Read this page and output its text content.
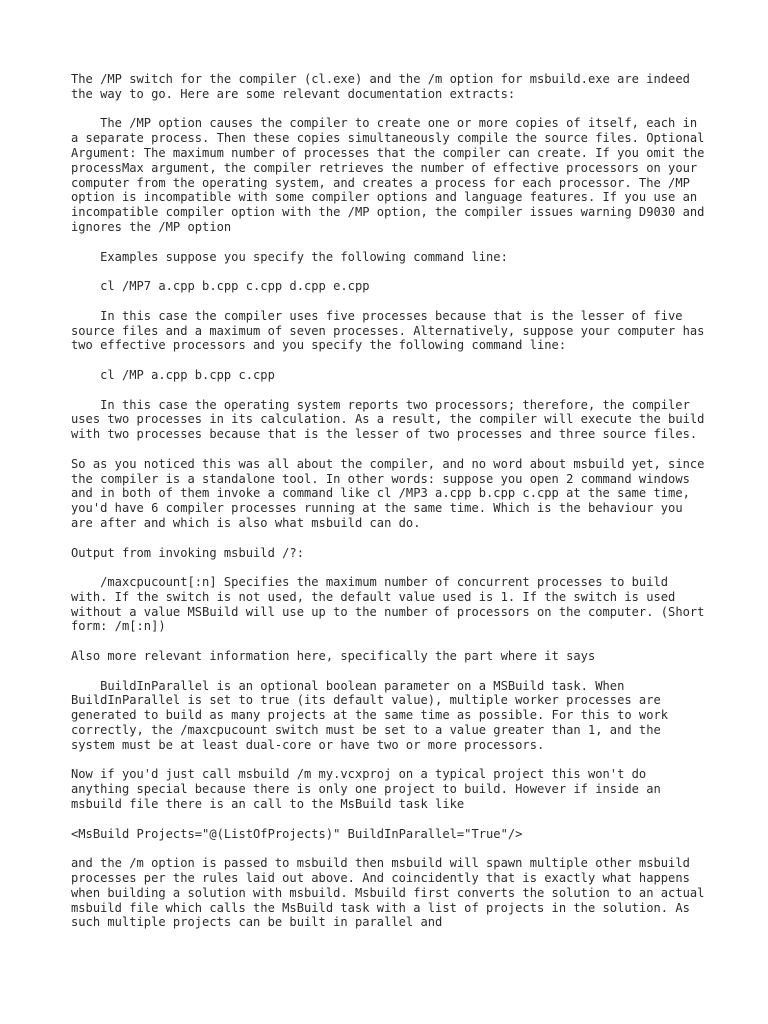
The /MP switch for the compiler (cl.exe) and the /m option for msbuild.exe are indeed the way to go. Here are some relevant documentation extracts:

The /MP option causes the compiler to create one or more copies of itself, each in a separate process. Then these copies simultaneously compile the source files. Optional Argument: The maximum number of processes that the compiler can create. If you omit the processMax argument, the compiler retrieves the number of effective processors on your computer from the operating system, and creates a process for each processor. The /MP option is incompatible with some compiler options and language features. If you use an incompatible compiler option with the /MP option, the compiler issues warning D9030 and ignores the /MP option

Examples suppose you specify the following command line:

cl /MP7 a.cpp b.cpp c.cpp d.cpp e.cpp

In this case the compiler uses five processes because that is the lesser of five source files and a maximum of seven processes. Alternatively, suppose your computer has two effective processors and you specify the following command line:

cl /MP a.cpp b.cpp c.cpp

In this case the operating system reports two processors; therefore, the compiler uses two processes in its calculation. As a result, the compiler will execute the build with two processes because that is the lesser of two processes and three source files.

So as you noticed this was all about the compiler, and no word about msbuild yet, since the compiler is a standalone tool. In other words: suppose you open 2 command windows and in both of them invoke a command like cl /MP3 a.cpp b.cpp c.cpp at the same time, you'd have 6 compiler processes running at the same time. Which is the behaviour you are after and which is also what msbuild can do.

Output from invoking msbuild /?:

/maxcpucount[:n] Specifies the maximum number of concurrent processes to build with. If the switch is not used, the default value used is 1. If the switch is used without a value MSBuild will use up to the number of processors on the computer. (Short form: /m[:n])

Also more relevant information here, specifically the part where it says

BuildInParallel is an optional boolean parameter on a MSBuild task. When BuildInParallel is set to true (its default value), multiple worker processes are generated to build as many projects at the same time as possible. For this to work correctly, the /maxcpucount switch must be set to a value greater than 1, and the system must be at least dual-core or have two or more processors.

Now if you'd just call msbuild /m my.vcxproj on a typical project this won't do anything special because there is only one project to build. However if inside an msbuild file there is an call to the MsBuild task like

<MsBuild Projects="@(ListOfProjects)" BuildInParallel="True"/>

and the /m option is passed to msbuild then msbuild will spawn multiple other msbuild processes per the rules laid out above. And coincidently that is exactly what happens when building a solution with msbuild. Msbuild first converts the solution to an actual msbuild file which calls the MsBuild task with a list of projects in the solution. As such multiple projects can be built in parallel and
